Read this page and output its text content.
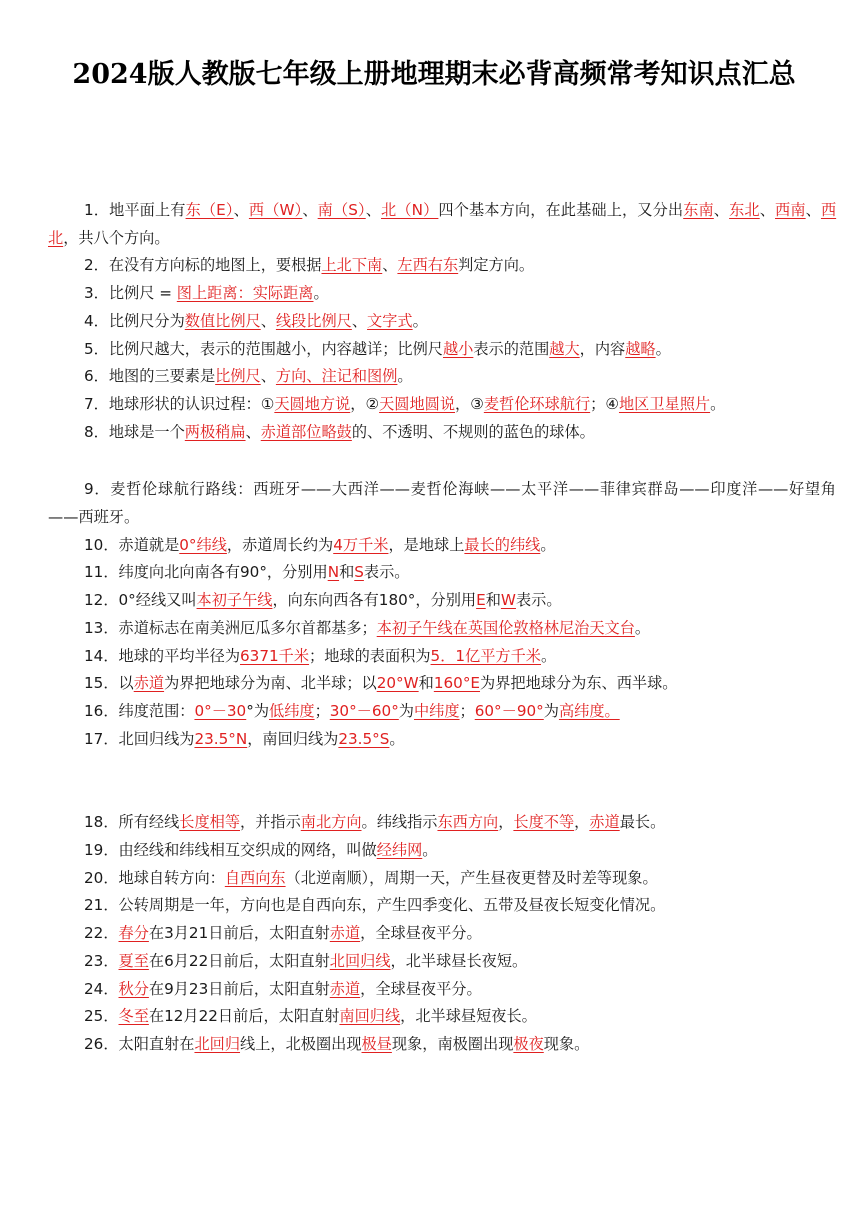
2024版人教版七年级上册地理期末必背高频常考知识点汇总

1．地平面上有东（E）、西（W）、南（S）、北（N）四个基本方向，在此基础上，又分出东南、东北、西南、西北，共八个方向。

2．在没有方向标的地图上，要根据上北下南、左西右东判定方向。

3．比例尺 = 图上距离：实际距离。

4．比例尺分为数值比例尺、线段比例尺、文字式。

5．比例尺越大，表示的范围越小，内容越详；比例尺越小表示的范围越大，内容越略。

6．地图的三要素是比例尺、方向、注记和图例。

7．地球形状的认识过程：①天圆地方说，②天圆地圆说，③麦哲伦环球航行；④地区卫星照片。

8．地球是一个两极稍扁、赤道部位略鼓的、不透明、不规则的蓝色的球体。

9．麦哲伦球航行路线：西班牙——大西洋——麦哲伦海峡——太平洋——菲律宾群岛——印度洋——好望角——西班牙。

10．赤道就是0°纬线，赤道周长约为4万千米，是地球上最长的纬线。

11．纬度向北向南各有90°，分别用N和S表示。

12．0°经线又叫本初子午线，向东向西各有180°，分别用E和W表示。

13．赤道标志在南美洲厄瓜多尔首都基多；本初子午线在英国伦敦格林尼治天文台。

14．地球的平均半径为6371千米；地球的表面积为5．1亿平方千米。

15．以赤道为界把地球分为南、北半球；以20°W和160°E为界把地球分为东、西半球。

16．纬度范围：0°－30°为低纬度；30°－60°为中纬度；60°－90°为高纬度。

17．北回归线为23.5°N，南回归线为23.5°S。

18．所有经线长度相等，并指示南北方向。纬线指示东西方向，长度不等，赤道最长。

19．由经线和纬线相互交织成的网络，叫做经纬网。

20．地球自转方向：自西向东（北逆南顺），周期一天，产生昼夜更替及时差等现象。

21．公转周期是一年，方向也是自西向东，产生四季变化、五带及昼夜长短变化情况。

22．春分在3月21日前后，太阳直射赤道，全球昼夜平分。

23．夏至在6月22日前后，太阳直射北回归线，北半球昼长夜短。

24．秋分在9月23日前后，太阳直射赤道，全球昼夜平分。

25．冬至在12月22日前后，太阳直射南回归线，北半球昼短夜长。

26．太阳直射在北回归线上，北极圈出现极昼现象，南极圈出现极夜现象。
